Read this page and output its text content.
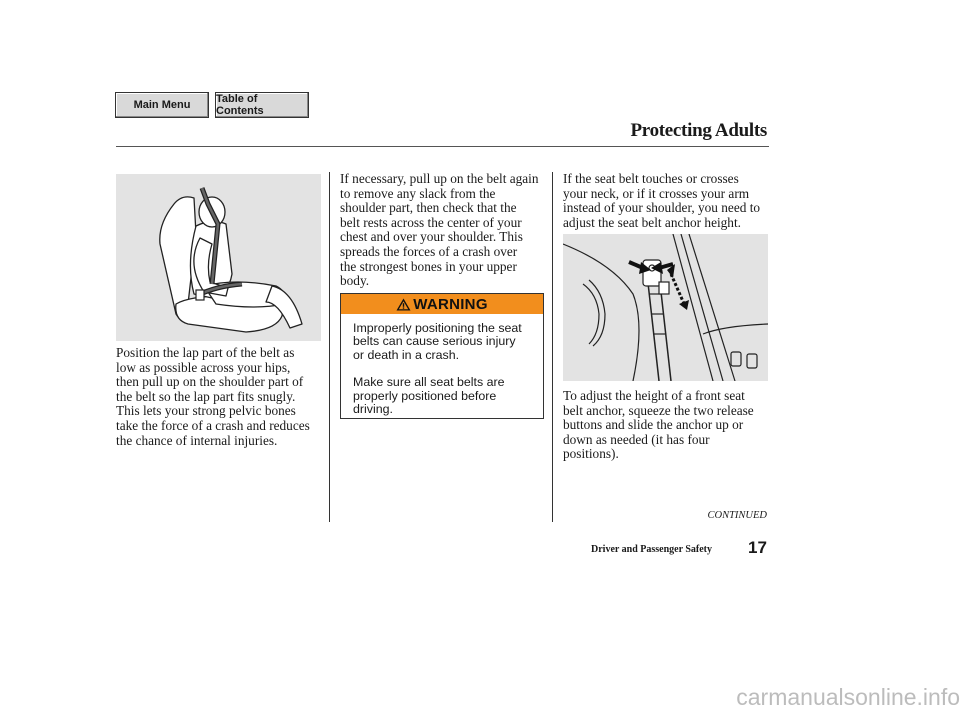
Main Menu	Table of Contents
Protecting Adults
Position the lap part of the belt as
low as possible across your hips,
then pull up on the shoulder part of
the belt so the lap part fits snugly.
This lets your strong pelvic bones
take the force of a crash and reduces
the chance of internal injuries.
If necessary, pull up on the belt again
to remove any slack from the
shoulder part, then check that the
belt rests across the center of your
chest and over your shoulder. This
spreads the forces of a crash over
the strongest bones in your upper
body.
WARNING
Improperly positioning the seat
belts can cause serious injury
or death in a crash.
Make sure all seat belts are
properly positioned before
driving.
If the seat belt touches or crosses
your neck, or if it crosses your arm
instead of your shoulder, you need to
adjust the seat belt anchor height.
To adjust the height of a front seat
belt anchor, squeeze the two release
buttons and slide the anchor up or
down as needed (it has four
positions).
CONTINUED
Driver and Passenger Safety 17
carmanualsonline.info
